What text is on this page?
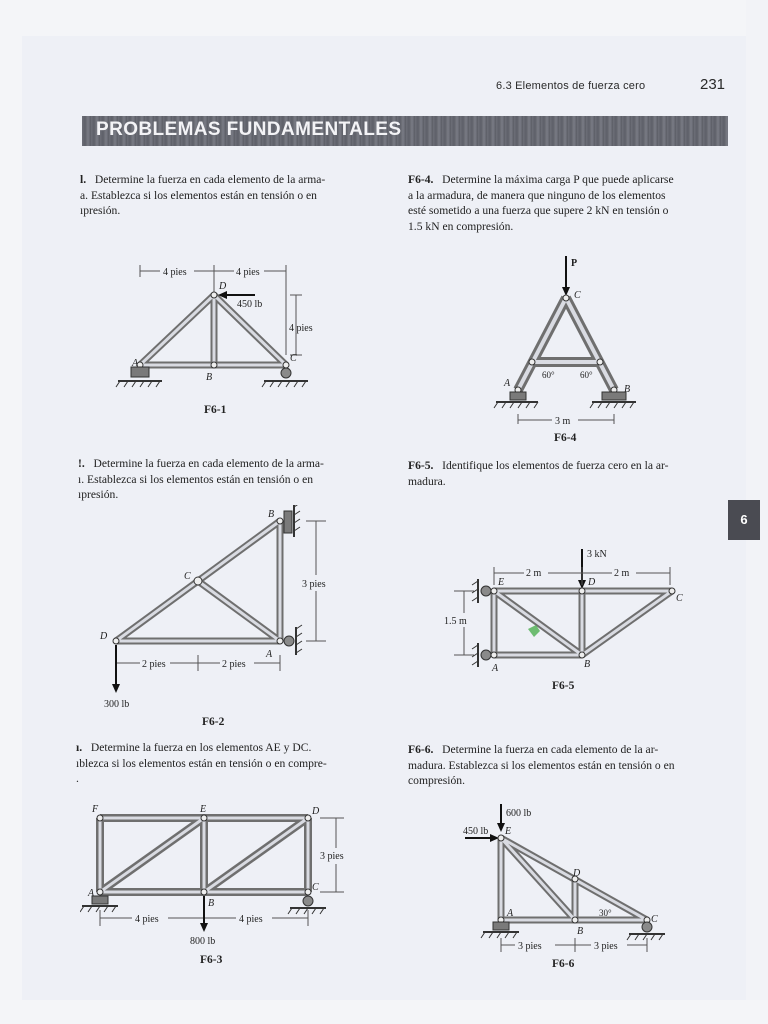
6.3 Elementos de fuerza cero	231
PROBLEMAS FUNDAMENTALES
6
l. Determine la fuerza en cada elemento de la arma-
a. Establezca si los elementos están en tensión o en
ıpresión.
F6-4. Determine la máxima carga P que puede aplicarse
a la armadura, de manera que ninguno de los elementos
esté sometido a una fuerza que supere 2 kN en tensión o
1.5 kN en compresión.
!. Determine la fuerza en cada elemento de la arma-
ı. Establezca si los elementos están en tensión o en
ıpresión.
F6-5. Identifique los elementos de fuerza cero en la ar-
madura.
ı. Determine la fuerza en los elementos AE y DC.
ıblezca si los elementos están en tensión o en compre-
.
F6-6. Determine la fuerza en cada elemento de la ar-
madura. Establezca si los elementos están en tensión o en
compresión.
4 pies	4 pies
4 pies
450 lb
A
B
C
D
F6-1
P
60°	60°
A
B
C
3 m
F6-4
3 pies
2 pies	2 pies
300 lb
D
C
B
A
F6-2
3 kN
2 m	2 m
1.5 m
E	D
C
B
A
F6-5
3 pies
4 pies	4 pies
800 lb
F	E	D
A
B
C
F6-3
600 lb
450 lb
30°
3 pies	3 pies
E
D
C
B
A
F6-6
